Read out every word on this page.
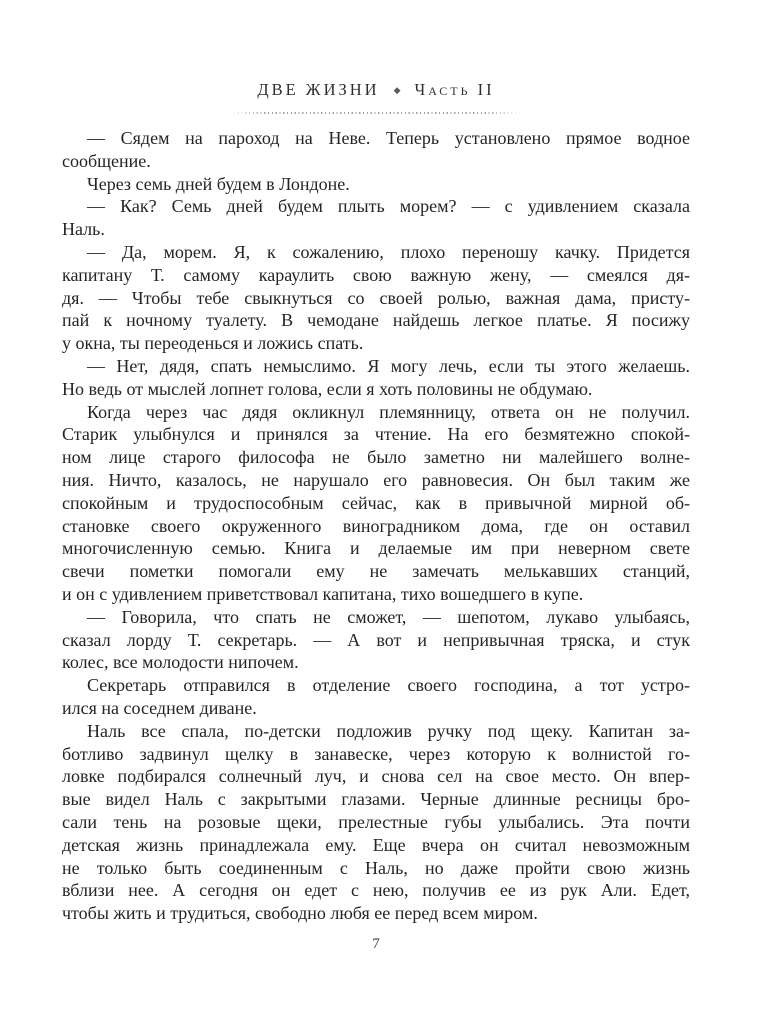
ДВЕ ЖИЗНИ ◆ Часть II
— Сядем на пароход на Неве. Теперь установлено прямое водное
сообщение.
Через семь дней будем в Лондоне.
— Как? Семь дней будем плыть морем? — с удивлением сказала
Наль.
— Да, морем. Я, к сожалению, плохо переношу качку. Придется
капитану Т. самому караулить свою важную жену, — смеялся дя-
дя. — Чтобы тебе свыкнуться со своей ролью, важная дама, присту-
пай к ночному туалету. В чемодане найдешь легкое платье. Я посижу
у окна, ты переоденься и ложись спать.
— Нет, дядя, спать немыслимо. Я могу лечь, если ты этого желаешь.
Но ведь от мыслей лопнет голова, если я хоть половины не обдумаю.
Когда через час дядя окликнул племянницу, ответа он не получил.
Старик улыбнулся и принялся за чтение. На его безмятежно спокой-
ном лице старого философа не было заметно ни малейшего волне-
ния. Ничто, казалось, не нарушало его равновесия. Он был таким же
спокойным и трудоспособным сейчас, как в привычной мирной об-
становке своего окруженного виноградником дома, где он оставил
многочисленную семью. Книга и делаемые им при неверном свете
свечи пометки помогали ему не замечать мелькавших станций,
и он с удивлением приветствовал капитана, тихо вошедшего в купе.
— Говорила, что спать не сможет, — шепотом, лукаво улыбаясь,
сказал лорду Т. секретарь. — А вот и непривычная тряска, и стук
колес, все молодости нипочем.
Секретарь отправился в отделение своего господина, а тот устро-
ился на соседнем диване.
Наль все спала, по-детски подложив ручку под щеку. Капитан за-
ботливо задвинул щелку в занавеске, через которую к волнистой го-
ловке подбирался солнечный луч, и снова сел на свое место. Он впер-
вые видел Наль с закрытыми глазами. Черные длинные ресницы бро-
сали тень на розовые щеки, прелестные губы улыбались. Эта почти
детская жизнь принадлежала ему. Еще вчера он считал невозможным
не только быть соединенным с Наль, но даже пройти свою жизнь
вблизи нее. А сегодня он едет с нею, получив ее из рук Али. Едет,
чтобы жить и трудиться, свободно любя ее перед всем миром.
7
